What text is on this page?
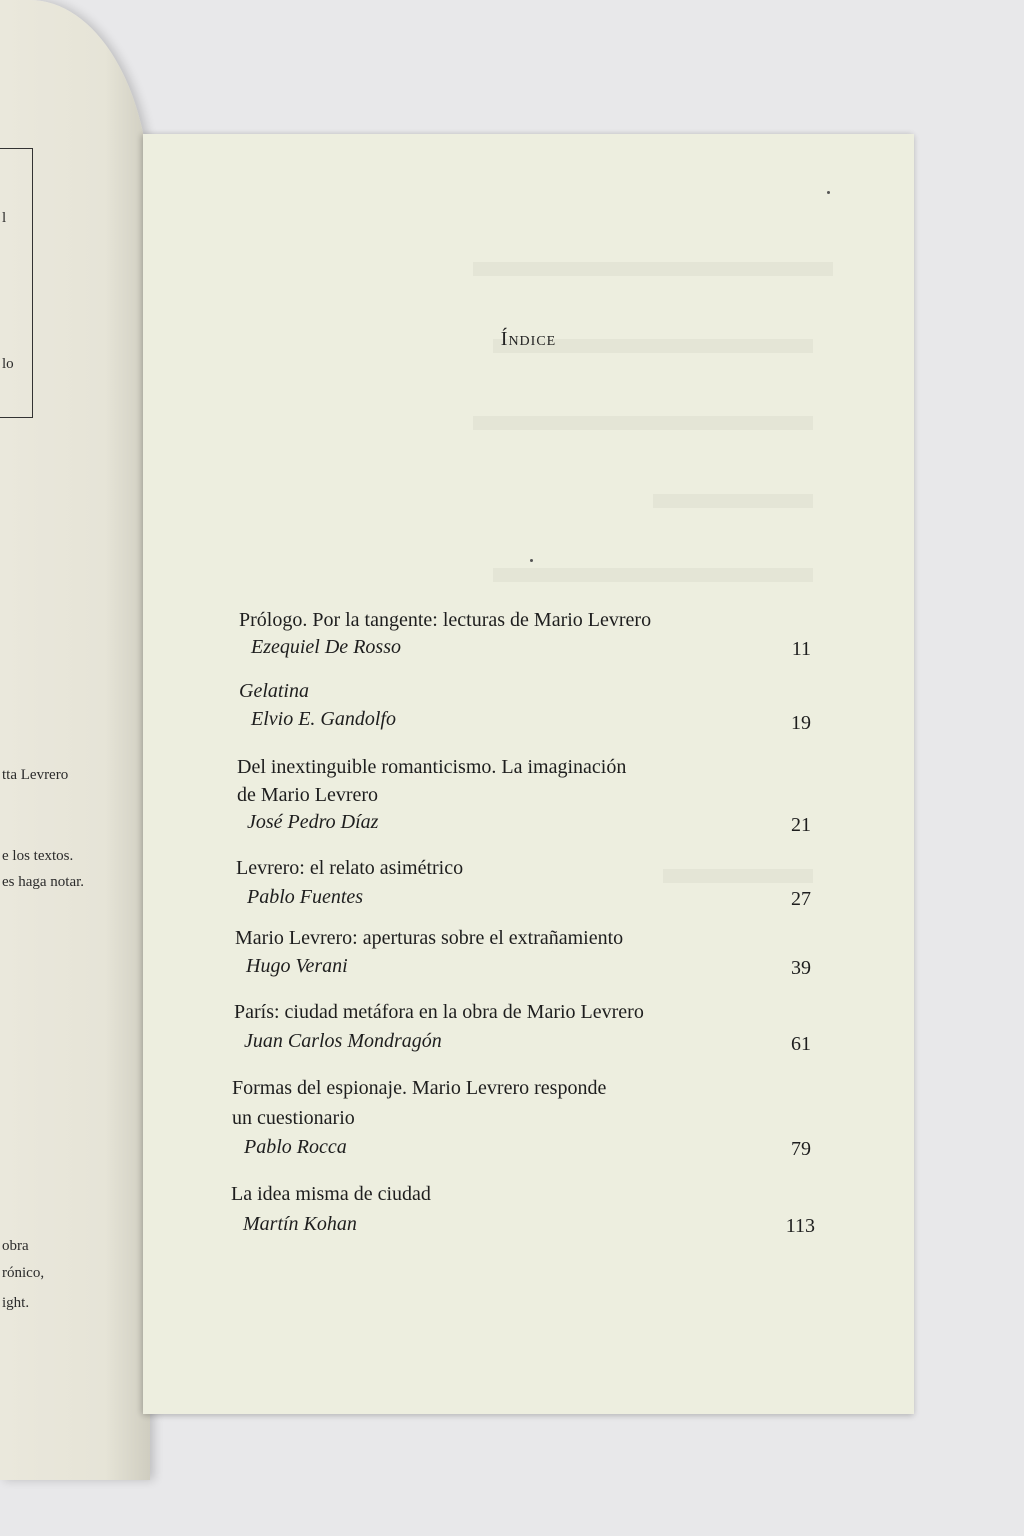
l
lo
tta Levrero
e los textos.
es haga notar.
obra
rónico,
ight.
Índice
Prólogo. Por la tangente: lecturas de Mario Levrero
Ezequiel De Rosso	11
Gelatina
Elvio E. Gandolfo	19
Del inextinguible romanticismo. La imaginación
de Mario Levrero
José Pedro Díaz	21
Levrero: el relato asimétrico
Pablo Fuentes	27
Mario Levrero: aperturas sobre el extrañamiento
Hugo Verani	39
París: ciudad metáfora en la obra de Mario Levrero
Juan Carlos Mondragón	61
Formas del espionaje. Mario Levrero responde
un cuestionario
Pablo Rocca	79
La idea misma de ciudad
Martín Kohan	113
